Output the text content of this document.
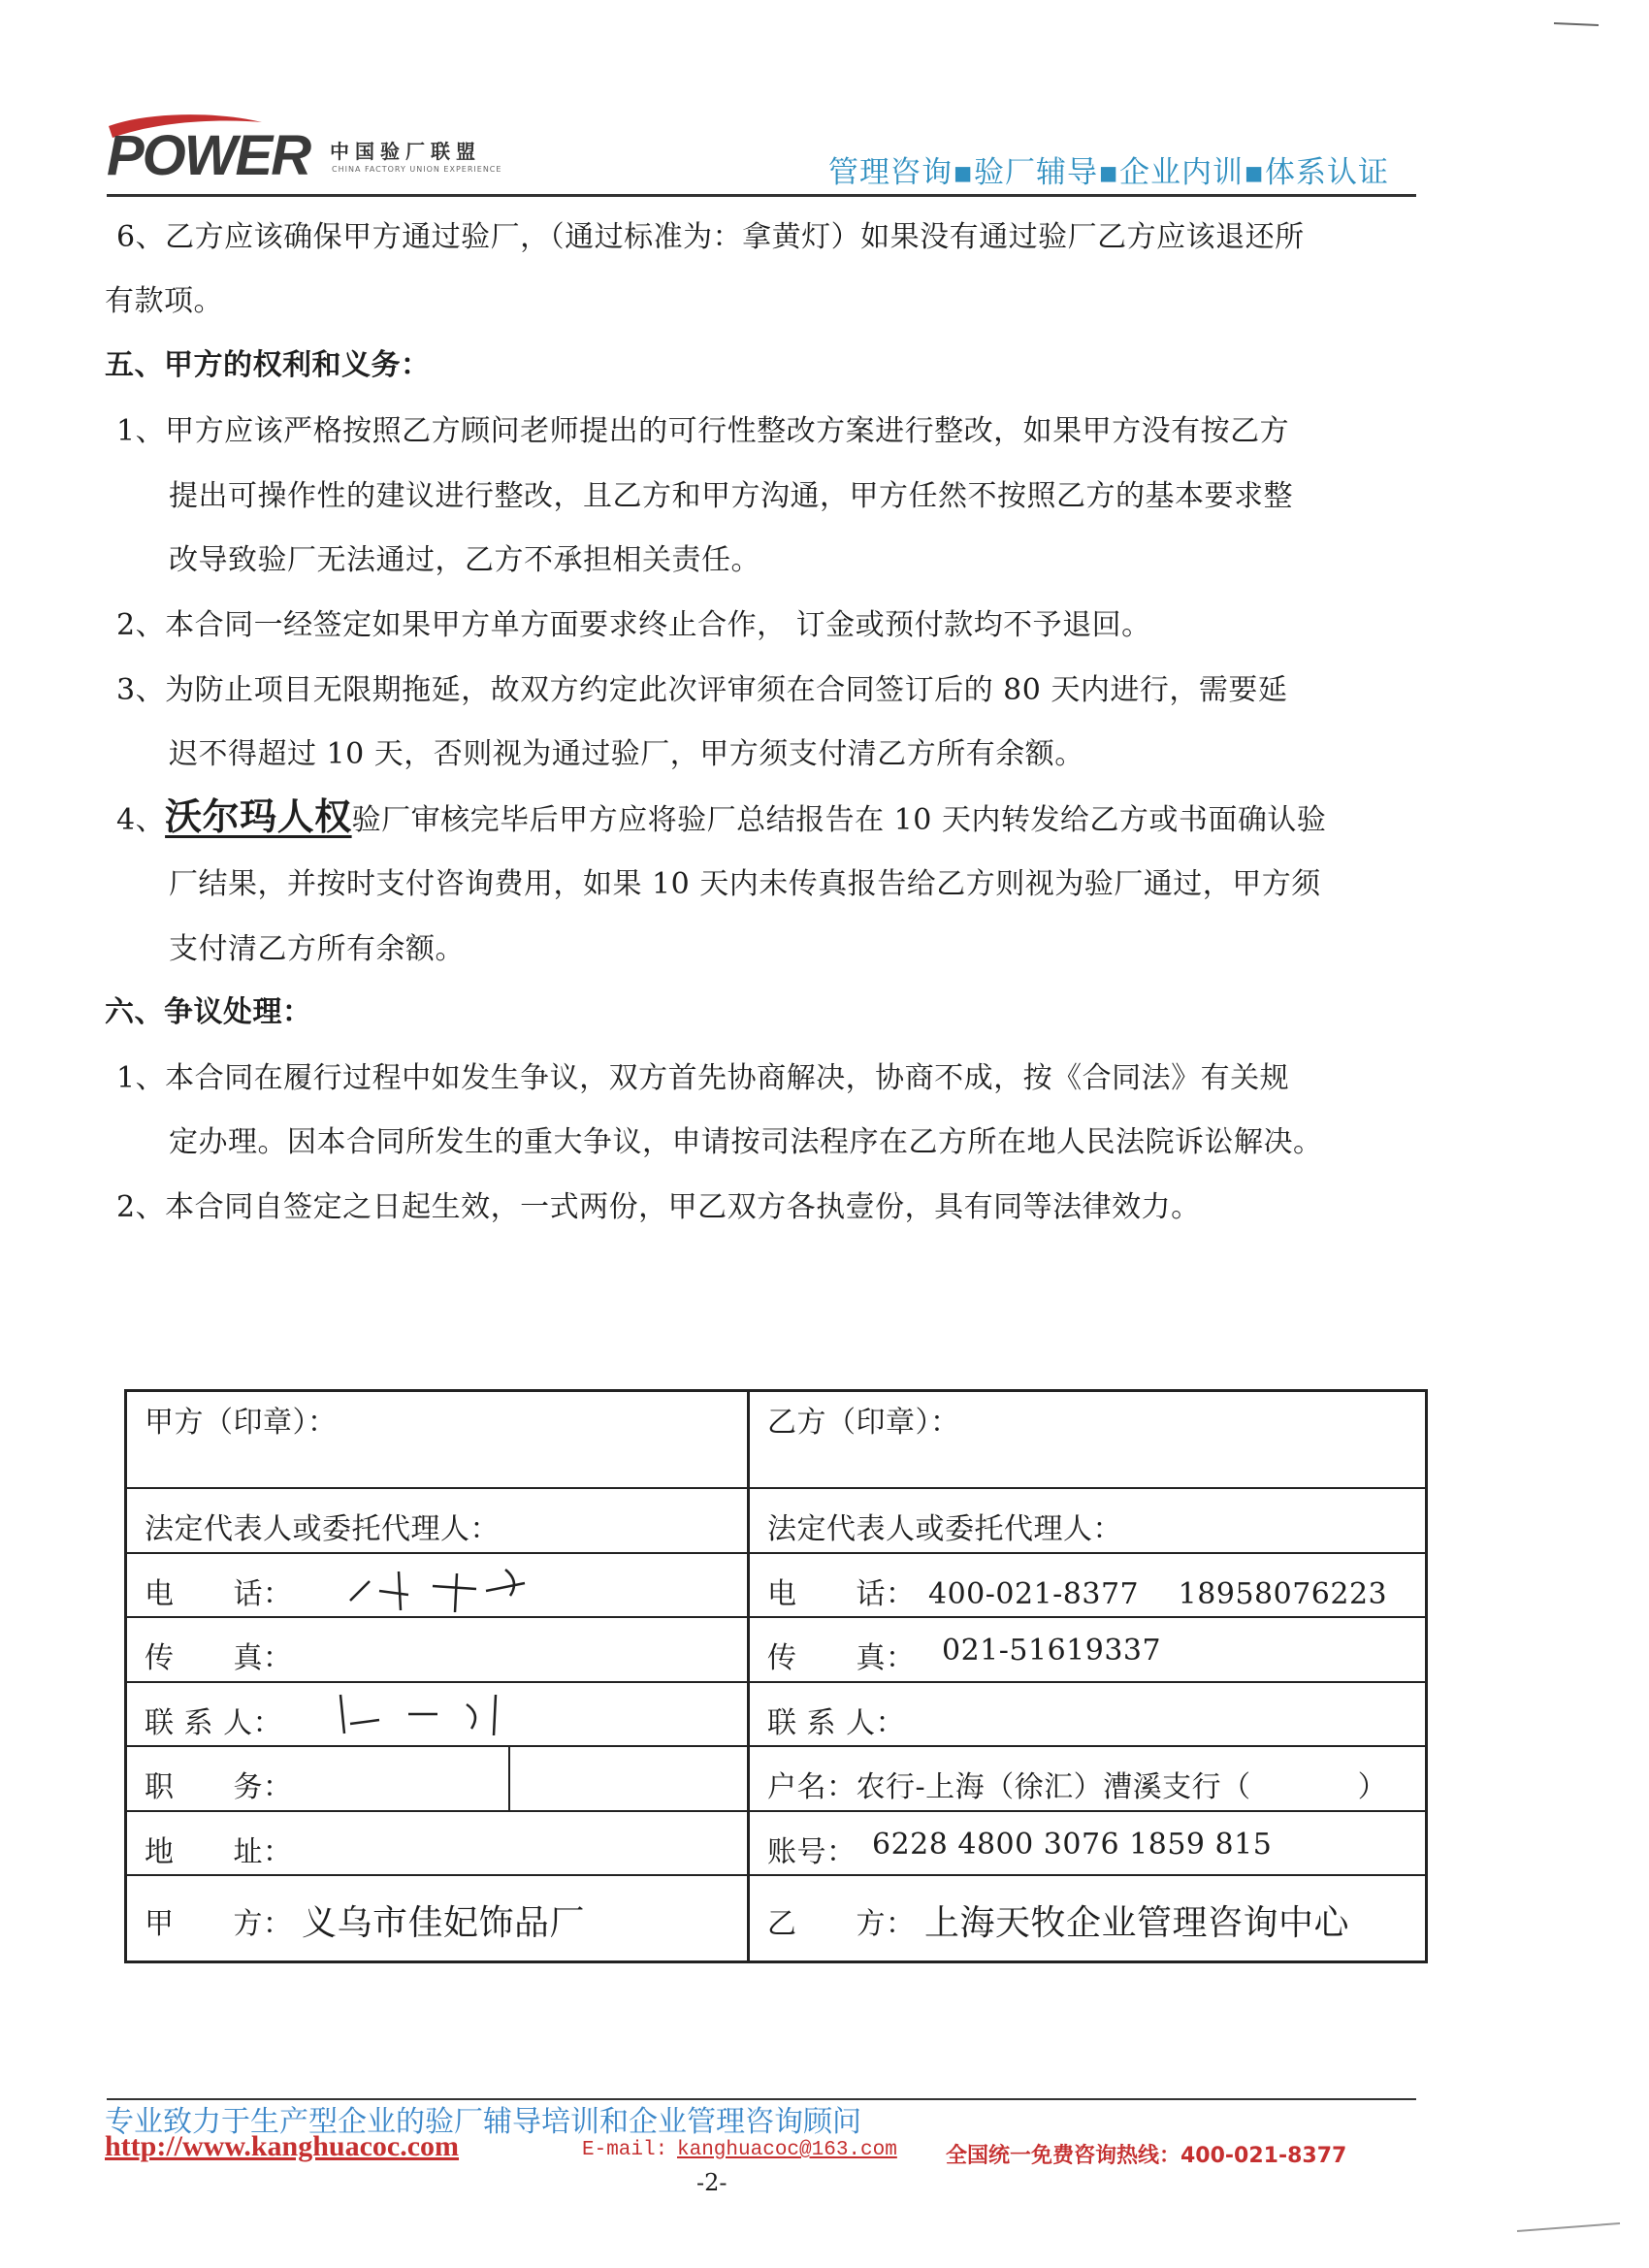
POWER 中国验厂联盟
CHINA FACTORY UNION EXPERIENCE	管理咨询▪验厂辅导▪企业内训▪体系认证
6、乙方应该确保甲方通过验厂，（通过标准为：拿黄灯）如果没有通过验厂乙方应该退还所
有款项。
五、甲方的权利和义务：
1、甲方应该严格按照乙方顾问老师提出的可行性整改方案进行整改，如果甲方没有按乙方
提出可操作性的建议进行整改，且乙方和甲方沟通，甲方任然不按照乙方的基本要求整
改导致验厂无法通过，乙方不承担相关责任。
2、本合同一经签定如果甲方单方面要求终止合作， 订金或预付款均不予退回。
3、为防止项目无限期拖延，故双方约定此次评审须在合同签订后的 80 天内进行，需要延
迟不得超过 10 天，否则视为通过验厂，甲方须支付清乙方所有余额。
4、沃尔玛人权验厂审核完毕后甲方应将验厂总结报告在 10 天内转发给乙方或书面确认验
厂结果，并按时支付咨询费用，如果 10 天内未传真报告给乙方则视为验厂通过，甲方须
支付清乙方所有余额。
六、争议处理：
1、本合同在履行过程中如发生争议，双方首先协商解决，协商不成，按《合同法》有关规
定办理。因本合同所发生的重大争议，申请按司法程序在乙方所在地人民法院诉讼解决。
2、本合同自签定之日起生效，一式两份，甲乙双方各执壹份，具有同等法律效力。
甲方（印章）：	乙方（印章）：
法定代表人或委托代理人：	法定代表人或委托代理人：
电　　话：	电　　话： 400-021-8377　 18958076223
传　　真：	传　　真： 021-51619337
联 系 人：	联 系 人：
职　　务：	户名：农行-上海（徐汇）漕溪支行（	）
地　　址：	账号： 6228 4800 3076 1859 815
甲　　方： 义乌市佳妃饰品厂	乙　　方： 上海天牧企业管理咨询中心
专业致力于生产型企业的验厂辅导培训和企业管理咨询顾问
http://www.kanghuacoc.com	E-mail: kanghuacoc@163.com 全国统一免费咨询热线：400-021-8377
-2-
